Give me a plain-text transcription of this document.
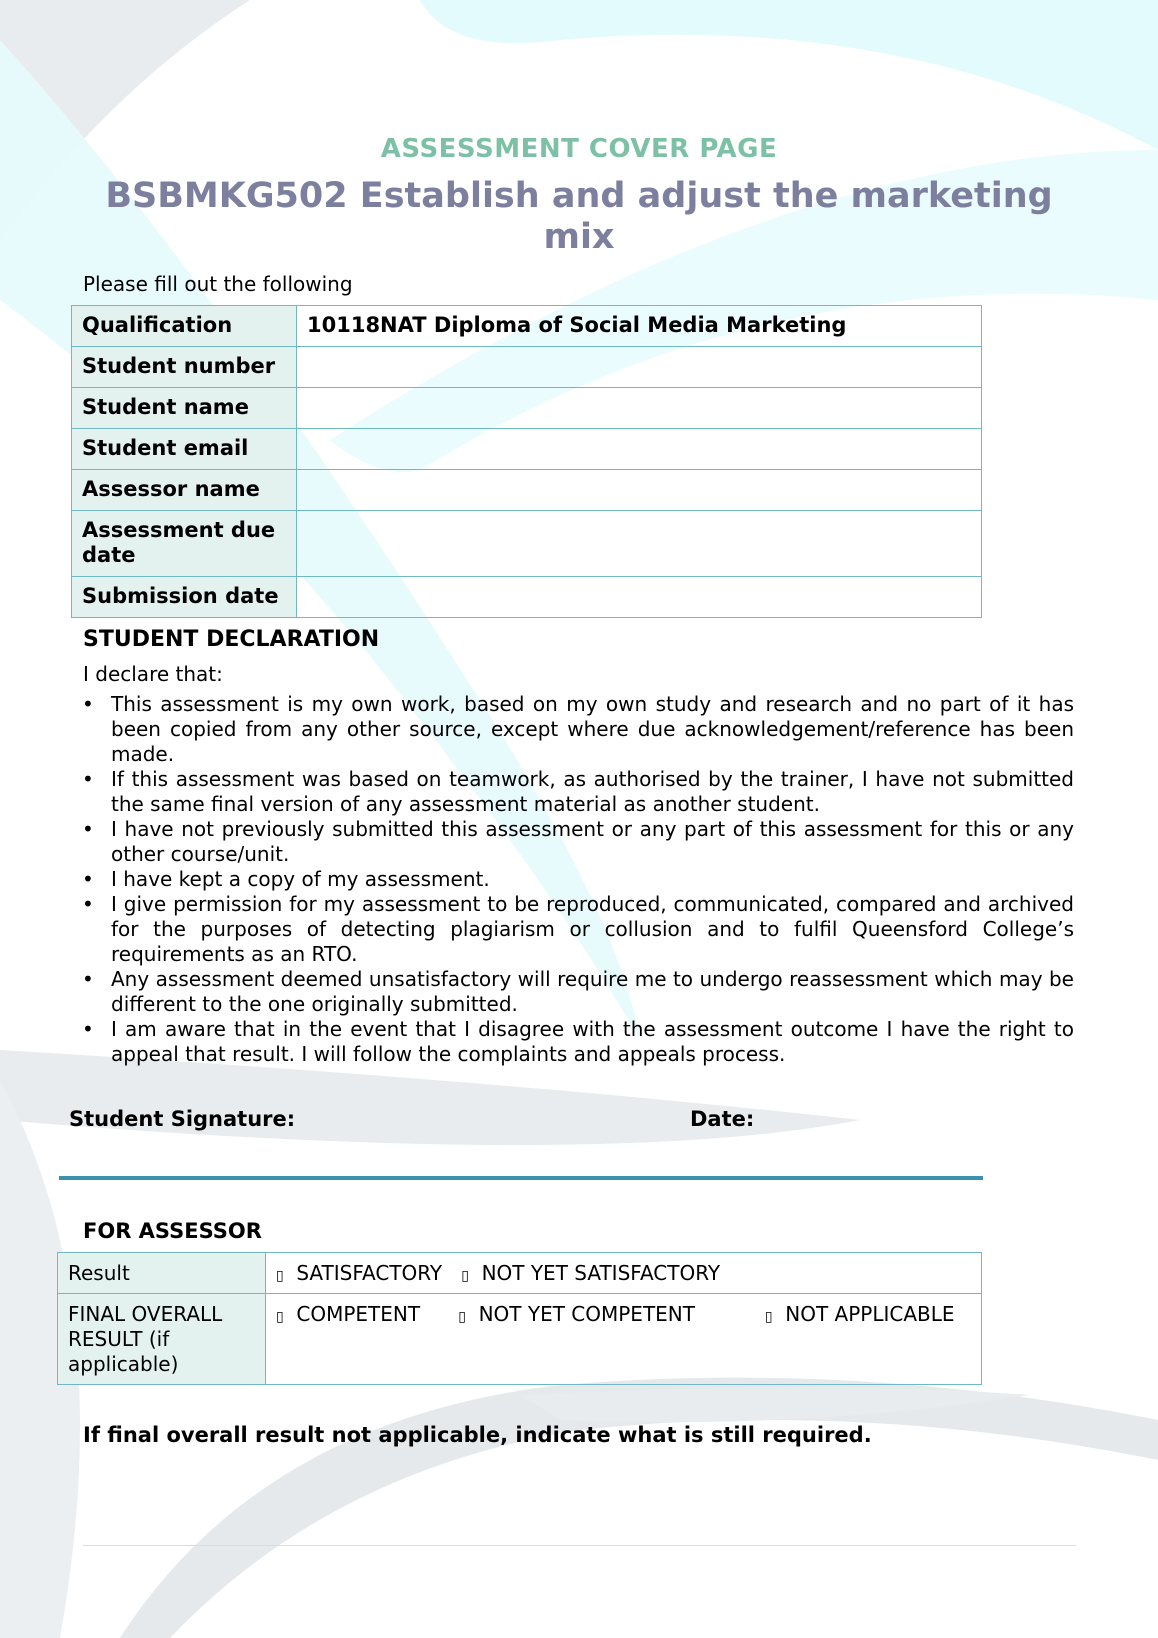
ASSESSMENT COVER PAGE
BSBMKG502 Establish and adjust the marketing mix
Please fill out the following
Qualification	10118NAT Diploma of Social Media Marketing
Student number	
Student name	
Student email	
Assessor name	
Assessment due date	
Submission date	
STUDENT DECLARATION
I declare that:
• This assessment is my own work, based on my own study and research and no part of it has been copied from any other source, except where due acknowledgement/reference has been made.
• If this assessment was based on teamwork, as authorised by the trainer, I have not submitted the same final version of any assessment material as another student.
• I have not previously submitted this assessment or any part of this assessment for this or any other course/unit.
• I have kept a copy of my assessment.
• I give permission for my assessment to be reproduced, communicated, compared and archived for the purposes of detecting plagiarism or collusion and to fulfil Queensford College’s requirements as an RTO.
• Any assessment deemed unsatisfactory will require me to undergo reassessment which may be different to the one originally submitted.
• I am aware that in the event that I disagree with the assessment outcome I have the right to appeal that result. I will follow the complaints and appeals process.
Student Signature:	Date:
FOR ASSESSOR
Result	▯ SATISFACTORY ▯ NOT YET SATISFACTORY
FINAL OVERALL RESULT (if applicable)	▯ COMPETENT ▯ NOT YET COMPETENT ▯ NOT APPLICABLE
If final overall result not applicable, indicate what is still required.
